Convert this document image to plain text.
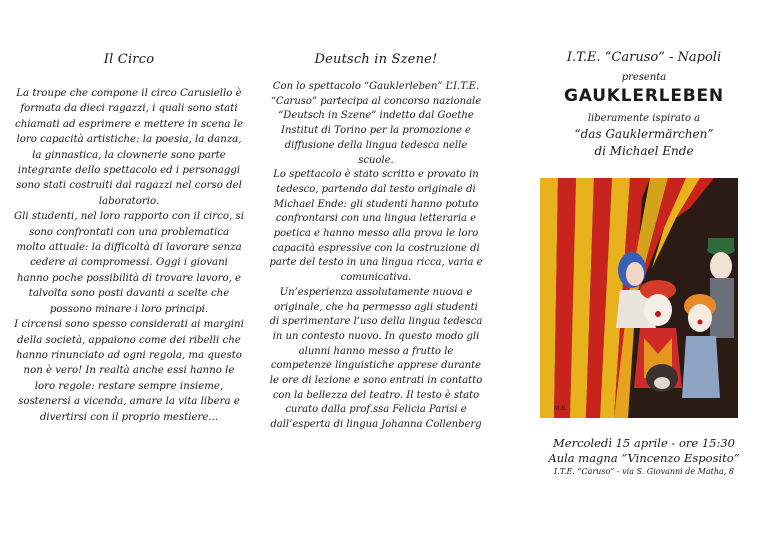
Il Circo

La troupe che compone il circo Carusiello è formata da dieci ragazzi, i quali sono stati chiamati ad esprimere e mettere in scena le loro capacità artistiche: la poesia, la danza, la ginnastica, la clownerie sono parte integrante dello spettacolo ed i personaggi sono stati costruiti dai ragazzi nel corso del laboratorio.

Gli studenti, nel loro rapporto con il circo, si sono confrontati con una problematica molto attuale: la difficoltà di lavorare senza cedere ai compromessi. Oggi i giovani hanno poche possibilità di trovare lavoro, e talvolta sono posti davanti a scelte che possono minare i loro principi.

I circensi sono spesso considerati ai margini della società, appaiono come dei ribelli che hanno rinunciato ad ogni regola, ma questo non è vero! In realtà anche essi hanno le loro regole: restare sempre insieme, sostenersi a vicenda, amare la vita libera e divertirsi con il proprio mestiere...

Deutsch in Szene!

Con lo spettacolo “Gauklerleben” L’I.T.E. “Caruso” partecipa al concorso nazionale “Deutsch in Szene” indetto dal Goethe Institut di Torino per la promozione e diffusione della lingua tedesca nelle scuole.

Lo spettacolo è stato scritto e provato in tedesco, partendo dal testo originale di Michael Ende: gli studenti hanno potuto confrontarsi con una lingua letteraria e poetica e hanno messo alla prova le loro capacità espressive con la costruzione di parte del testo in una lingua ricca, varia e comunicativa.

Un’esperienza assolutamente nuova e originale, che ha permesso agli studenti di sperimentare l’uso della lingua tedesca in un contesto nuovo. In questo modo gli alunni hanno messo a frutto le competenze linguistiche apprese durante le ore di lezione e sono entrati in contatto con la bellezza del teatro. Il testo è stato curato dalla prof.ssa Felicia Parisi e dall’esperta di lingua Johanna Collenberg

I.T.E. “Caruso” - Napoli
presenta
GAUKLERLEBEN
liberamente ispirato a
“das Gauklermärchen”
di Michael Ende
M.B.
Mercoledì 15 aprile - ore 15:30
Aula magna “Vincenzo Esposito”
I.T.E. “Caruso” - via S. Giovanni de Matha, 8
